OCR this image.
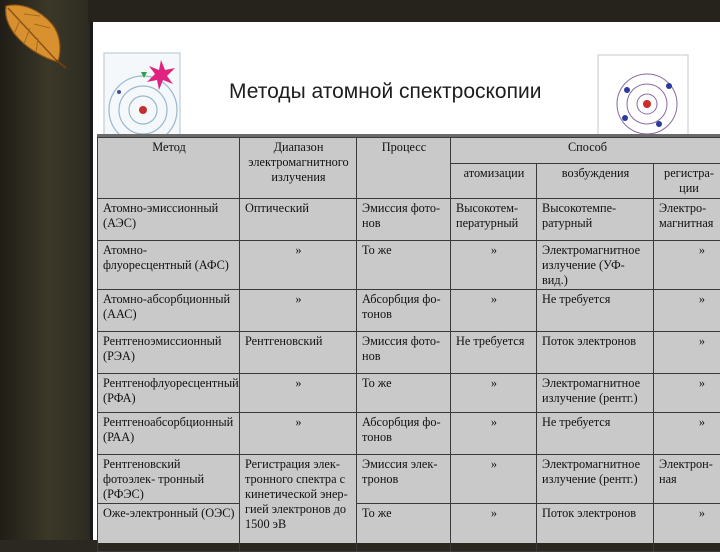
Методы атомной спектроскопии
Метод	Диапазон электромагнитного излучения	Процесс	Способ		
			атомизации	возбуждения	регистра- ции
Атомно-эмиссионный (АЭС)	Оптический	Эмиссия фото- нов	Высокотем- пературный	Высокотемпе- ратурный	Электро- магнитная
Атомно-флуоресцентный (АФС)	»	То же	»	Электромагнитное излучение (УФ-вид.)	»
Атомно-абсорбционный (ААС)	»	Абсорбция фо- тонов	»	Не требуется	»
Рентгеноэмиссионный (РЭА)	Рентгеновский	Эмиссия фото- нов	Не требуется	Поток электронов	»
Рентгенофлуоресцентный (РФА)	»	То же	»	Электромагнитное излучение (рентг.)	»
Рентгеноабсорбционный (РАА)	»	Абсорбция фо- тонов	»	Не требуется	»
Рентгеновский фотоэлек- тронный (РФЭС)	Регистрация элек- тронного спектра с кинетической энер- гией электронов до 1500 эВ	Эмиссия элек- тронов	»	Электромагнитное излучение (рентг.)	Электрон- ная
Оже-электронный (ОЭС)		То же	»	Поток электронов	»
